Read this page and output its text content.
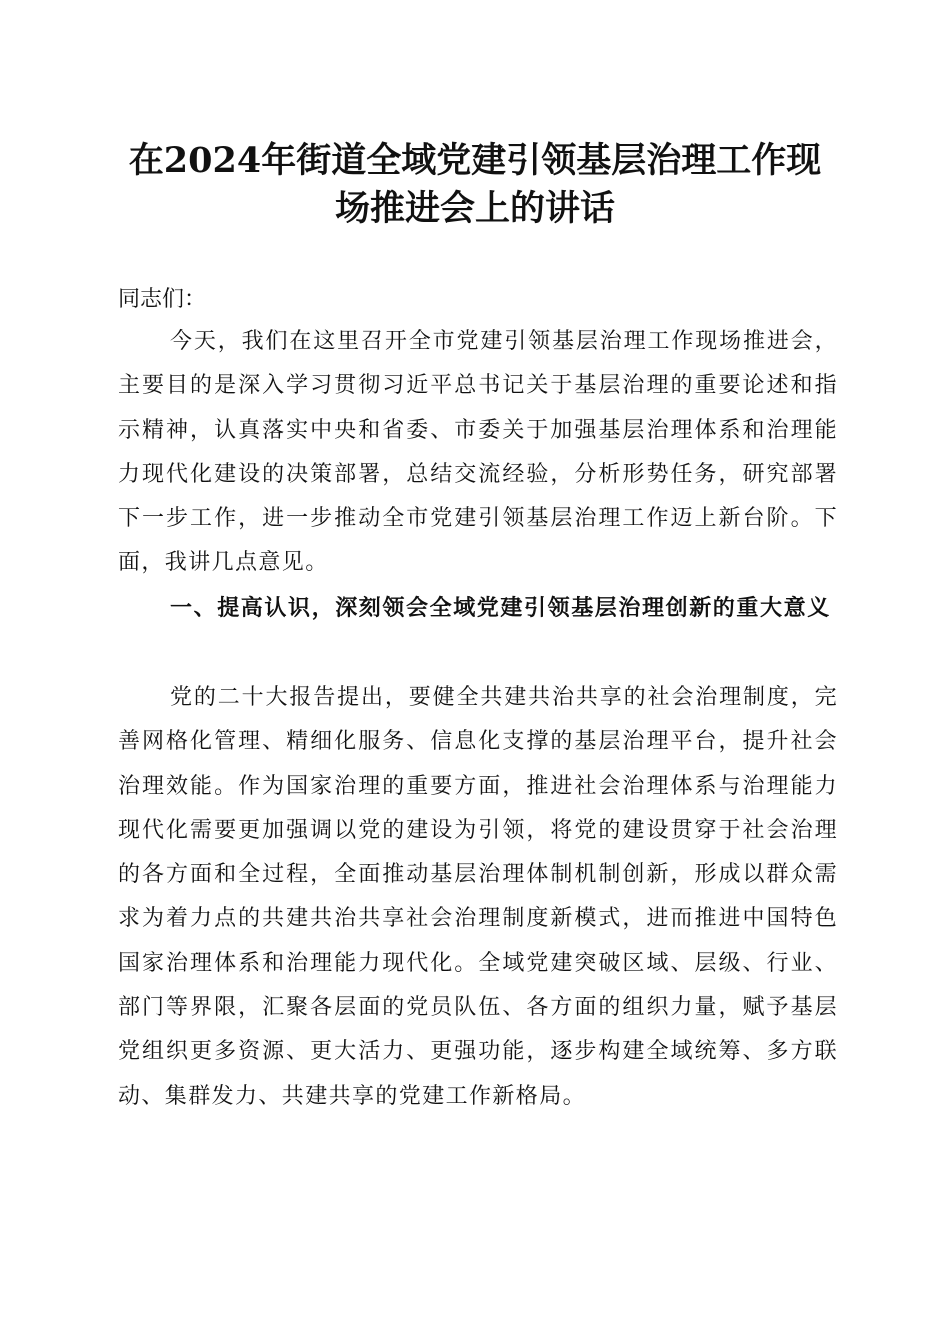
在2024年街道全域党建引领基层治理工作现
场推进会上的讲话

同志们：

今天，我们在这里召开全市党建引领基层治理工作现场推进会，主要目的是深入学习贯彻习近平总书记关于基层治理的重要论述和指示精神，认真落实中央和省委、市委关于加强基层治理体系和治理能力现代化建设的决策部署，总结交流经验，分析形势任务，研究部署下一步工作，进一步推动全市党建引领基层治理工作迈上新台阶。下面，我讲几点意见。

一、提高认识，深刻领会全域党建引领基层治理创新的重大意义

党的二十大报告提出，要健全共建共治共享的社会治理制度，完善网格化管理、精细化服务、信息化支撑的基层治理平台，提升社会治理效能。作为国家治理的重要方面，推进社会治理体系与治理能力现代化需要更加强调以党的建设为引领，将党的建设贯穿于社会治理的各方面和全过程，全面推动基层治理体制机制创新，形成以群众需求为着力点的共建共治共享社会治理制度新模式，进而推进中国特色国家治理体系和治理能力现代化。全域党建突破区域、层级、行业、部门等界限，汇聚各层面的党员队伍、各方面的组织力量，赋予基层党组织更多资源、更大活力、更强功能，逐步构建全域统筹、多方联动、集群发力、共建共享的党建工作新格局。
